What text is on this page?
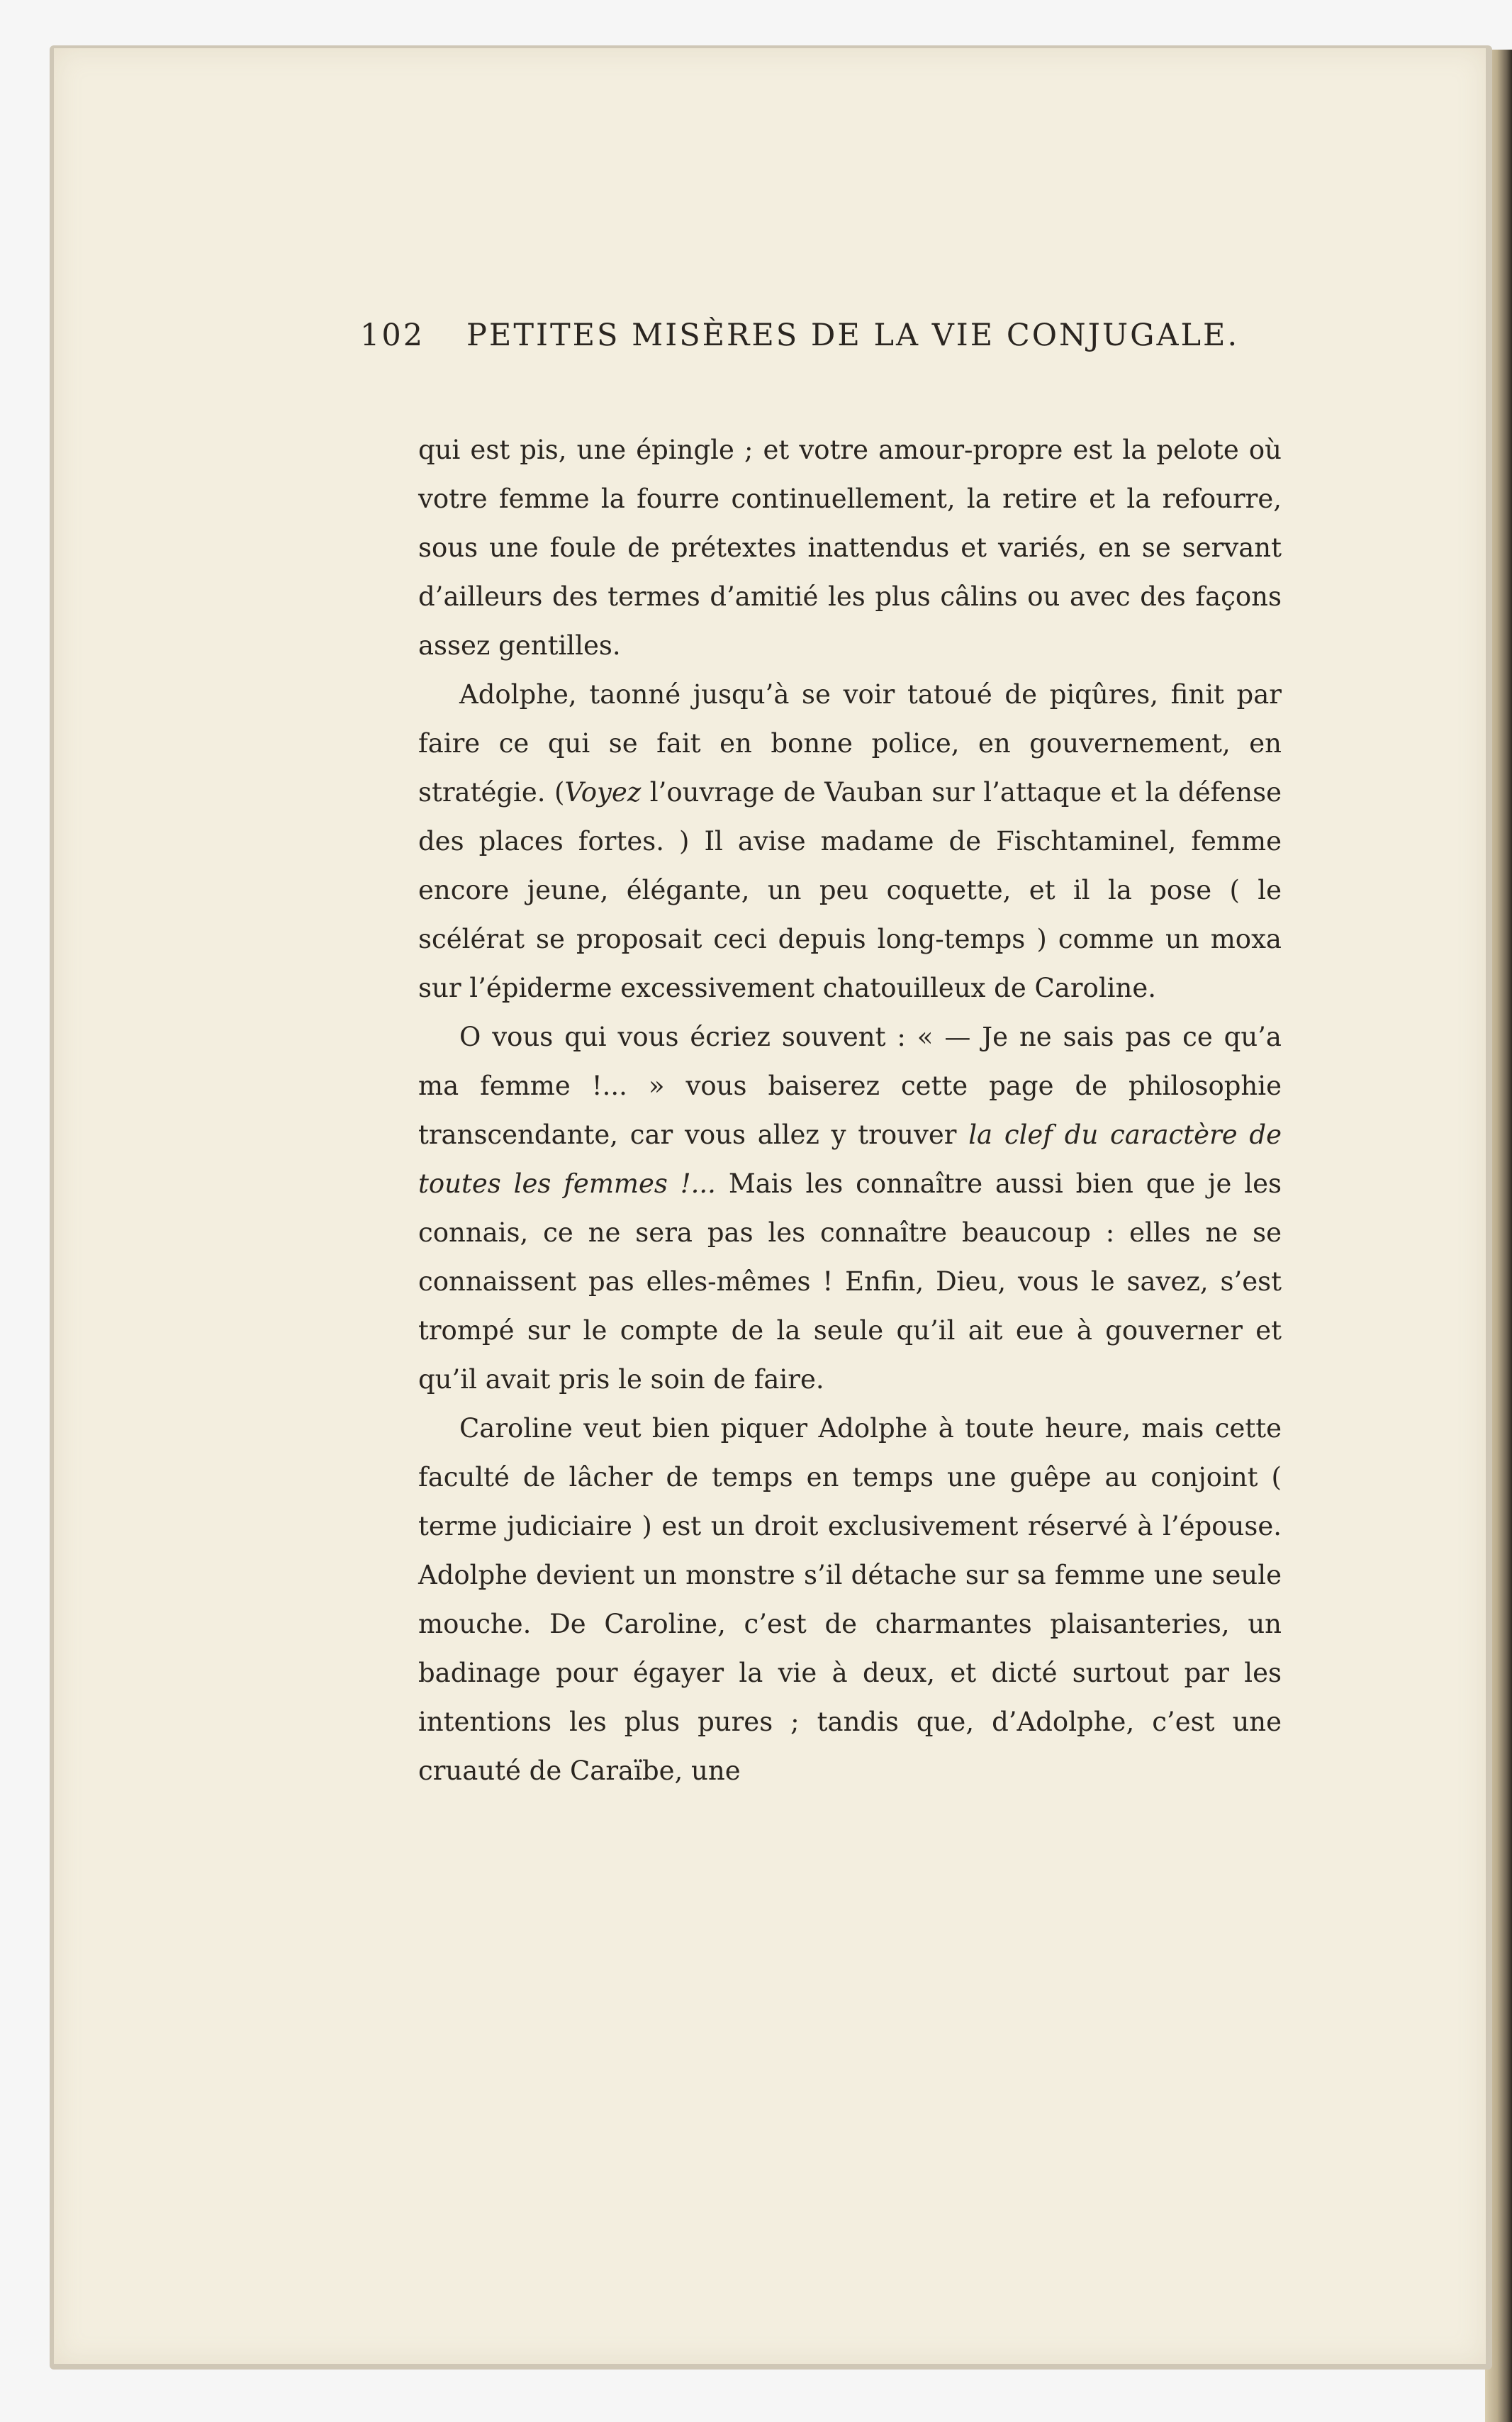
102 PETITES MISÈRES DE LA VIE CONJUGALE.

qui est pis, une épingle ; et votre amour-propre est la pelote où votre femme la fourre continuellement, la retire et la refourre, sous une foule de prétextes inattendus et variés, en se servant d’ailleurs des termes d’amitié les plus câlins ou avec des façons assez gentilles.

Adolphe, taonné jusqu’à se voir tatoué de piqûres, finit par faire ce qui se fait en bonne police, en gouvernement, en stratégie. (Voyez l’ouvrage de Vauban sur l’attaque et la défense des places fortes. ) Il avise madame de Fischtaminel, femme encore jeune, élégante, un peu coquette, et il la pose ( le scélérat se proposait ceci depuis long-temps ) comme un moxa sur l’épiderme excessivement chatouilleux de Caroline.

O vous qui vous écriez souvent : « — Je ne sais pas ce qu’a ma femme !... » vous baiserez cette page de philosophie transcendante, car vous allez y trouver la clef du caractère de toutes les femmes !... Mais les connaître aussi bien que je les connais, ce ne sera pas les connaître beaucoup : elles ne se connaissent pas elles-mêmes ! Enfin, Dieu, vous le savez, s’est trompé sur le compte de la seule qu’il ait eue à gouverner et qu’il avait pris le soin de faire.

Caroline veut bien piquer Adolphe à toute heure, mais cette faculté de lâcher de temps en temps une guêpe au conjoint ( terme judiciaire ) est un droit exclusivement réservé à l’épouse. Adolphe devient un monstre s’il détache sur sa femme une seule mouche. De Caroline, c’est de charmantes plaisanteries, un badinage pour égayer la vie à deux, et dicté surtout par les intentions les plus pures ; tandis que, d’Adolphe, c’est une cruauté de Caraïbe, une
